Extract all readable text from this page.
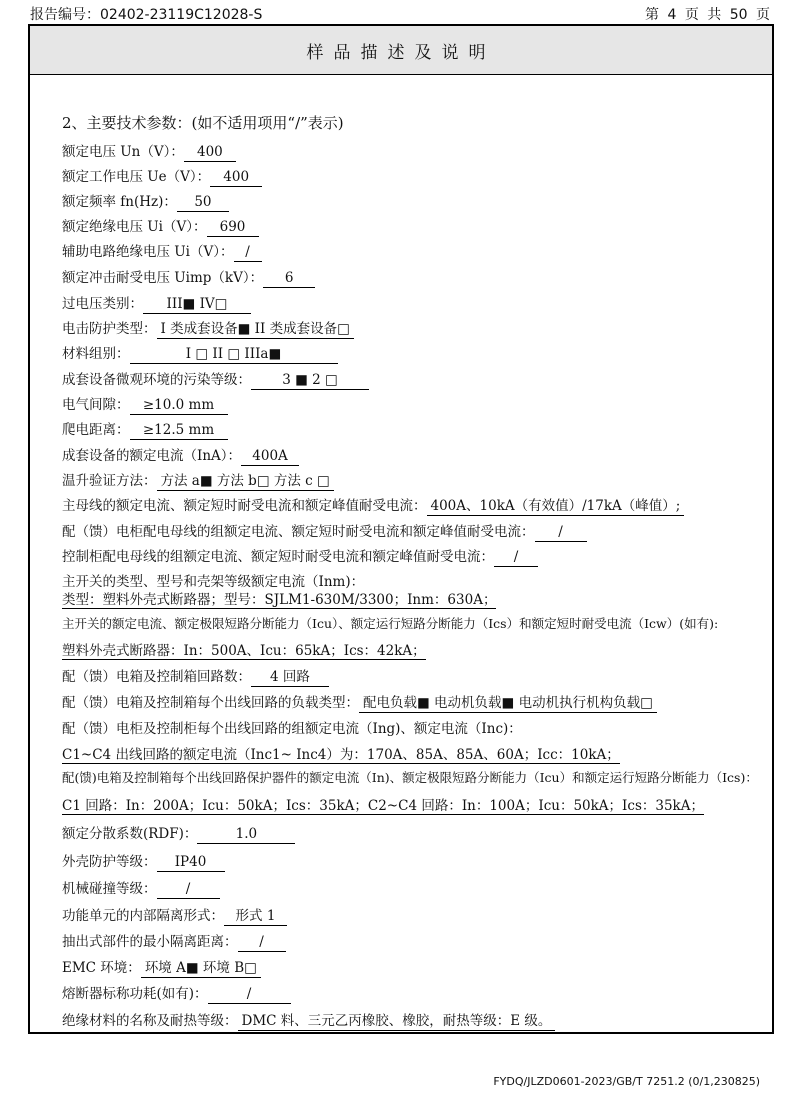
报告编号：02402-23119C12028-S	第 4 页 共 50 页
样品描述及说明
2、主要技术参数：(如不适用项用“/”表示)
额定电压 Un（V）： 400
额定工作电压 Ue（V）： 400
额定频率 fn(Hz)： 50
额定绝缘电压 Ui（V）： 690
辅助电路绝缘电压 Ui（V）： /
额定冲击耐受电压 Uimp（kV）： 6
过电压类别： III■ IV□
电击防护类型： I 类成套设备■ II 类成套设备□
材料组别：	I □ II □ IIIa■
成套设备微观环境的污染等级： 3 ■ 2 □
电气间隙： ≥10.0 mm
爬电距离： ≥12.5 mm
成套设备的额定电流（InA）： 400A
温升验证方法： 方法 a■ 方法 b□ 方法 c □
主母线的额定电流、额定短时耐受电流和额定峰值耐受电流： 400A、10kA（有效值）/17kA（峰值）;
配（馈）电柜配电母线的组额定电流、额定短时耐受电流和额定峰值耐受电流： /
控制柜配电母线的组额定电流、额定短时耐受电流和额定峰值耐受电流： /
主开关的类型、型号和壳架等级额定电流（Inm)：
类型：塑料外壳式断路器；型号：SJLM1-630M/3300；Inm：630A；
主开关的额定电流、额定极限短路分断能力（Icu）、额定运行短路分断能力（Ics）和额定短时耐受电流（Icw）(如有):
塑料外壳式断路器：In：500A、Icu：65kA；Ics：42kA；
配（馈）电箱及控制箱回路数： 4 回路
配（馈）电箱及控制箱每个出线回路的负载类型： 配电负载■ 电动机负载■ 电动机执行机构负载□
配（馈）电柜及控制柜每个出线回路的组额定电流（Ing)、额定电流（Inc)：
C1~C4 出线回路的额定电流（Inc1~ Inc4）为：170A、85A、85A、60A；Icc：10kA；
配(馈)电箱及控制箱每个出线回路保护器件的额定电流（In)、额定极限短路分断能力（Icu）和额定运行短路分断能力（Ics)：
C1 回路：In：200A；Icu：50kA；Ics：35kA；C2~C4 回路：In：100A；Icu：50kA；Ics：35kA；
额定分散系数(RDF)：	1.0
外壳防护等级： IP40
机械碰撞等级： /
功能单元的内部隔离形式： 形式 1
抽出式部件的最小隔离距离： /
EMC 环境： 环境 A■ 环境 B□
熔断器标称功耗(如有)：	/
绝缘材料的名称及耐热等级： DMC 料、三元乙丙橡胶、橡胶，耐热等级：E 级。
FYDQ/JLZD0601-2023/GB/T 7251.2 (0/1,230825)
